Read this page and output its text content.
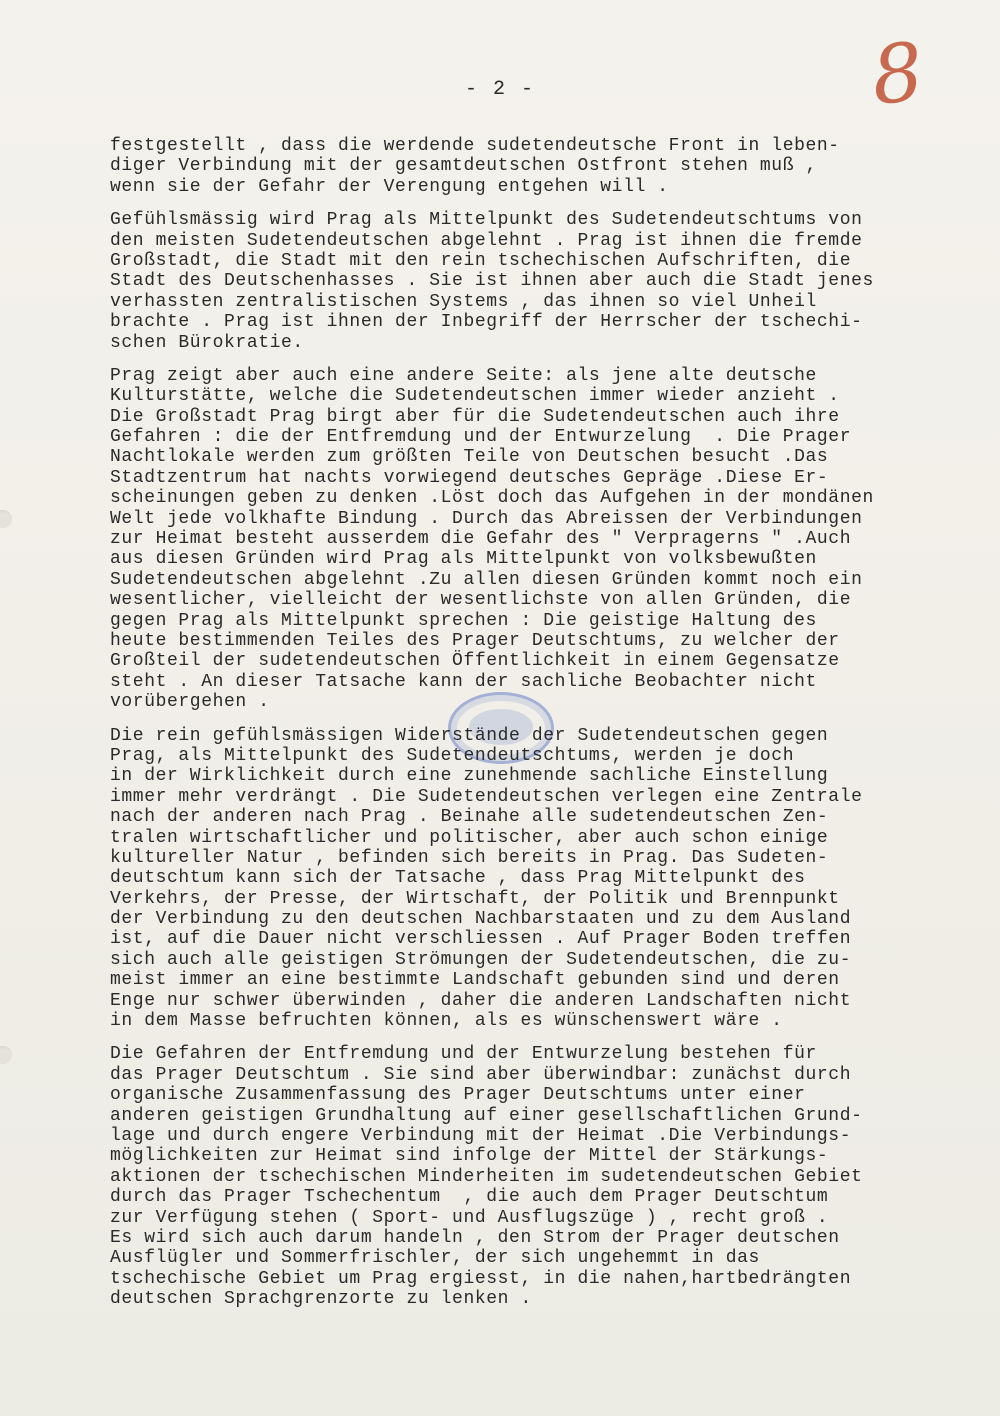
- 2 -	8
festgestellt , dass die werdende sudetendeutsche Front in leben-
diger Verbindung mit der gesamtdeutschen Ostfront stehen muß ,
wenn sie der Gefahr der Verengung entgehen will .
Gefühlsmässig wird Prag als Mittelpunkt des Sudetendeutschtums von
den meisten Sudetendeutschen abgelehnt . Prag ist ihnen die fremde
Großstadt, die Stadt mit den rein tschechischen Aufschriften, die
Stadt des Deutschenhasses . Sie ist ihnen aber auch die Stadt jenes
verhassten zentralistischen Systems , das ihnen so viel Unheil
brachte . Prag ist ihnen der Inbegriff der Herrscher der tschechi-
schen Bürokratie.
Prag zeigt aber auch eine andere Seite: als jene alte deutsche
Kulturstätte, welche die Sudetendeutschen immer wieder anzieht .
Die Großstadt Prag birgt aber für die Sudetendeutschen auch ihre
Gefahren : die der Entfremdung und der Entwurzelung  . Die Prager
Nachtlokale werden zum größten Teile von Deutschen besucht .Das
Stadtzentrum hat nachts vorwiegend deutsches Gepräge .Diese Er-
scheinungen geben zu denken .Löst doch das Aufgehen in der mondänen
Welt jede volkhafte Bindung . Durch das Abreissen der Verbindungen
zur Heimat besteht ausserdem die Gefahr des " Verpragerns " .Auch
aus diesen Gründen wird Prag als Mittelpunkt von volksbewußten
Sudetendeutschen abgelehnt .Zu allen diesen Gründen kommt noch ein
wesentlicher, vielleicht der wesentlichste von allen Gründen, die
gegen Prag als Mittelpunkt sprechen : Die geistige Haltung des
heute bestimmenden Teiles des Prager Deutschtums, zu welcher der
Großteil der sudetendeutschen Öffentlichkeit in einem Gegensatze
steht . An dieser Tatsache kann der sachliche Beobachter nicht
vorübergehen .
Die rein gefühlsmässigen Widerstände der Sudetendeutschen gegen
Prag, als Mittelpunkt des Sudetendeutschtums, werden je doch
in der Wirklichkeit durch eine zunehmende sachliche Einstellung
immer mehr verdrängt . Die Sudetendeutschen verlegen eine Zentrale
nach der anderen nach Prag . Beinahe alle sudetendeutschen Zen-
tralen wirtschaftlicher und politischer, aber auch schon einige
kultureller Natur , befinden sich bereits in Prag. Das Sudeten-
deutschtum kann sich der Tatsache , dass Prag Mittelpunkt des
Verkehrs, der Presse, der Wirtschaft, der Politik und Brennpunkt
der Verbindung zu den deutschen Nachbarstaaten und zu dem Ausland
ist, auf die Dauer nicht verschliessen . Auf Prager Boden treffen
sich auch alle geistigen Strömungen der Sudetendeutschen, die zu-
meist immer an eine bestimmte Landschaft gebunden sind und deren
Enge nur schwer überwinden , daher die anderen Landschaften nicht
in dem Masse befruchten können, als es wünschenswert wäre .
Die Gefahren der Entfremdung und der Entwurzelung bestehen für
das Prager Deutschtum . Sie sind aber überwindbar: zunächst durch
organische Zusammenfassung des Prager Deutschtums unter einer
anderen geistigen Grundhaltung auf einer gesellschaftlichen Grund-
lage und durch engere Verbindung mit der Heimat .Die Verbindungs-
möglichkeiten zur Heimat sind infolge der Mittel der Stärkungs-
aktionen der tschechischen Minderheiten im sudetendeutschen Gebiet
durch das Prager Tschechentum  , die auch dem Prager Deutschtum
zur Verfügung stehen ( Sport- und Ausflugszüge ) , recht groß .
Es wird sich auch darum handeln , den Strom der Prager deutschen
Ausflügler und Sommerfrischler, der sich ungehemmt in das
tschechische Gebiet um Prag ergiesst, in die nahen,hartbedrängten
deutschen Sprachgrenzorte zu lenken .
